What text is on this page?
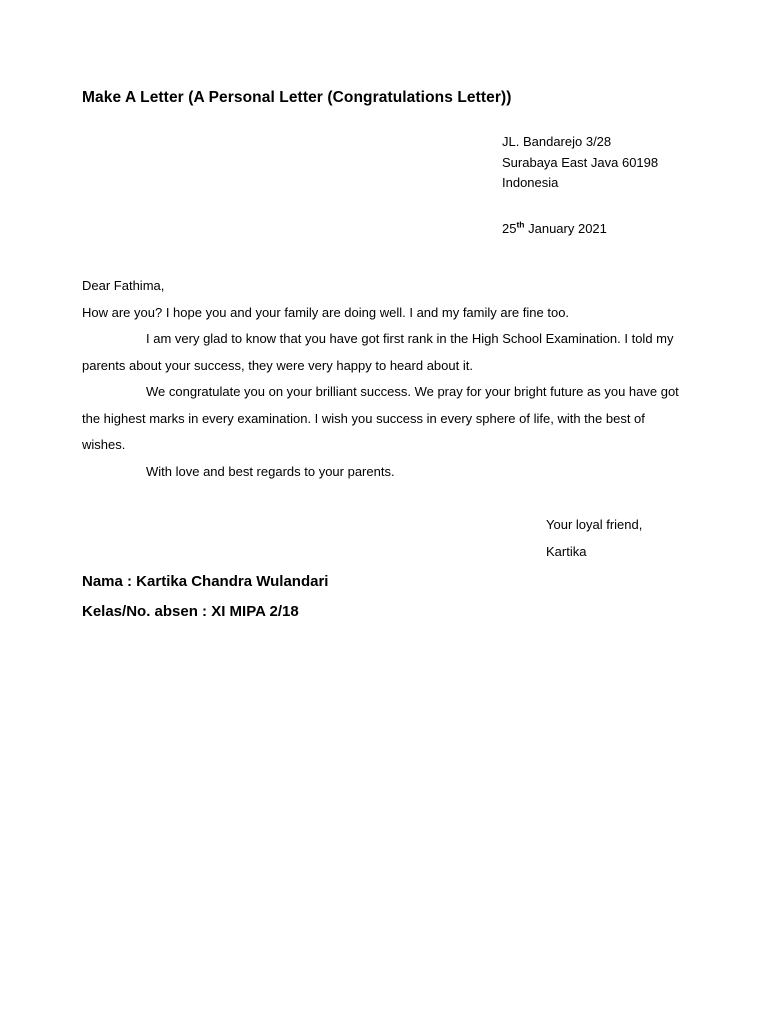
Make A Letter (A Personal Letter (Congratulations Letter))
JL. Bandarejo 3/28
Surabaya East Java 60198
Indonesia
25th January 2021

Dear Fathima,

How are you? I hope you and your family are doing well. I and my family are fine too.

I am very glad to know that you have got first rank in the High School Examination. I told my parents about your success, they were very happy to heard about it.

We congratulate you on your brilliant success. We pray for your bright future as you have got the highest marks in every examination. I wish you success in every sphere of life, with the best of wishes.

With love and best regards to your parents.

Your loyal friend,
Kartika
Nama : Kartika Chandra Wulandari
Kelas/No. absen : XI MIPA 2/18
